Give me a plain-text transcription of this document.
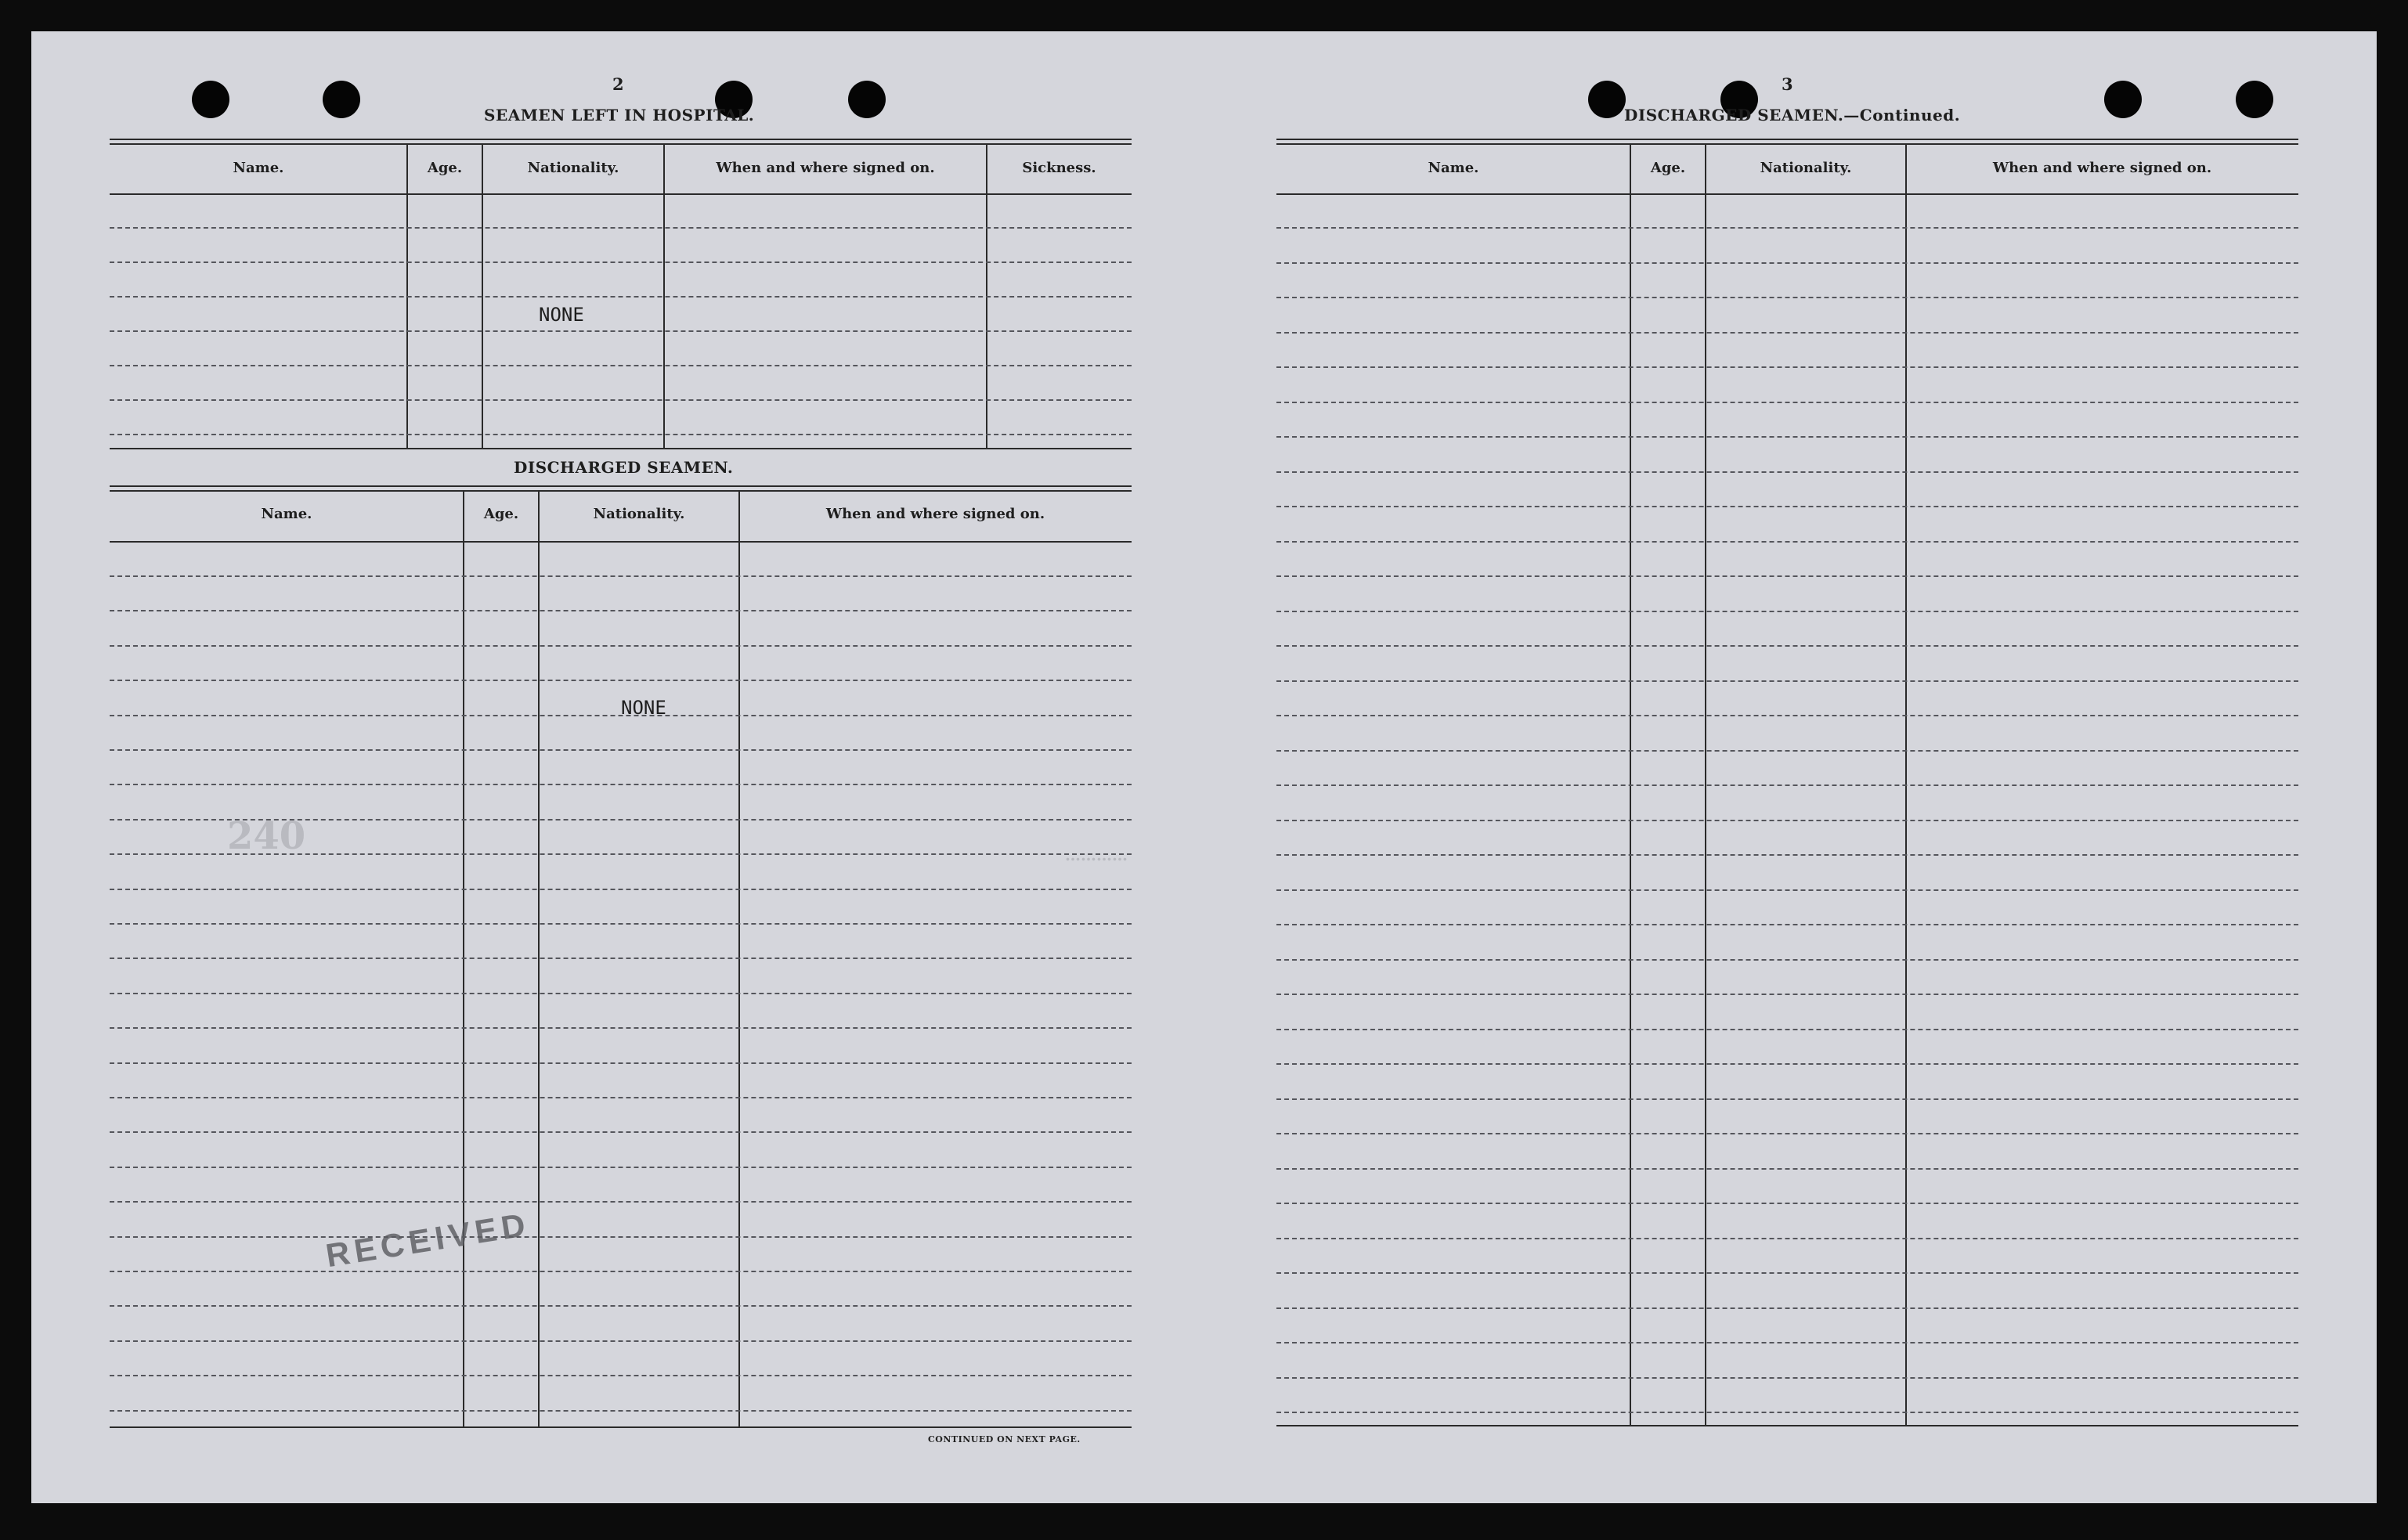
240	…………
2
SEAMEN LEFT IN HOSPITAL.
Name.	Age.	Nationality.	When and where signed on.	Sickness.
NONE
DISCHARGED SEAMEN.
Name.	Age.	Nationality.	When and where signed on.
NONE
RECEIVED
CONTINUED ON NEXT PAGE.
3
DISCHARGED SEAMEN.—Continued.
Name.	Age.	Nationality.	When and where signed on.
